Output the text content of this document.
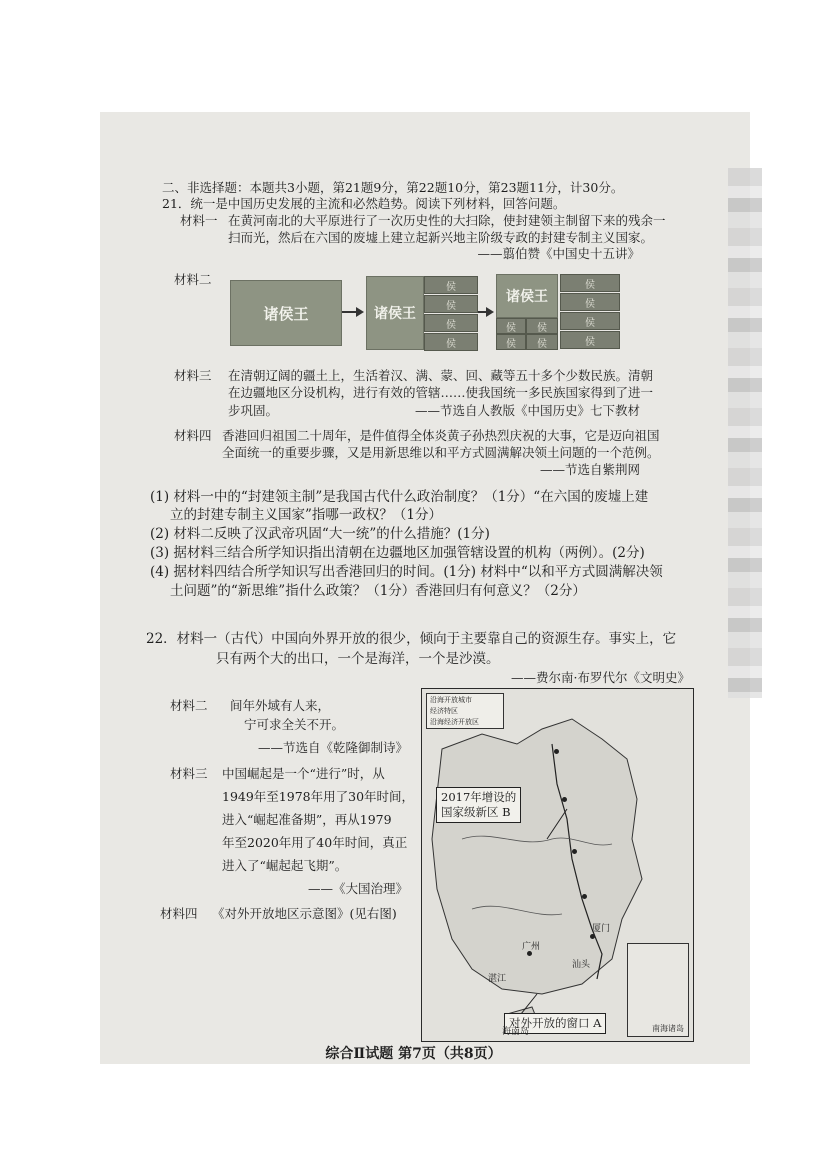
二、非选择题：本题共3小题，第21题9分，第22题10分，第23题11分，计30分。
21．统一是中国历史发展的主流和必然趋势。阅读下列材料，回答问题。
材料一 在黄河南北的大平原进行了一次历史性的大扫除，使封建领主制留下来的残余一
扫而光，然后在六国的废墟上建立起新兴地主阶级专政的封建专制主义国家。
——翦伯赞《中国史十五讲》
材料二
诸侯王	诸侯王
侯
侯
侯
侯
诸侯王
侯	侯
侯	侯
侯
侯
侯
侯
材料三 在清朝辽阔的疆土上，生活着汉、满、蒙、回、藏等五十多个少数民族。清朝
在边疆地区分设机构，进行有效的管辖……使我国统一多民族国家得到了进一
步巩固。	——节选自人教版《中国历史》七下教材
材料四 香港回归祖国二十周年，是件值得全体炎黄子孙热烈庆祝的大事，它是迈向祖国
全面统一的重要步骤，又是用新思维以和平方式圆满解决领土问题的一个范例。
——节选自紫荆网
(1) 材料一中的“封建领主制”是我国古代什么政治制度？（1分）“在六国的废墟上建
立的封建专制主义国家”指哪一政权？（1分）
(2) 材料二反映了汉武帝巩固“大一统”的什么措施？(1分)
(3) 据材料三结合所学知识指出清朝在边疆地区加强管辖设置的机构（两例）。(2分)
(4) 据材料四结合所学知识写出香港回归的时间。(1分) 材料中“以和平方式圆满解决领
土问题”的“新思维”指什么政策？（1分）香港回归有何意义？（2分）
22．材料一（古代）中国向外界开放的很少，倾向于主要靠自己的资源生存。事实上，它
只有两个大的出口，一个是海洋，一个是沙漠。
——费尔南·布罗代尔《文明史》
材料二 间年外域有人来，
宁可求全关不开。
——节选自《乾隆御制诗》
材料三 中国崛起是一个“进行”时，从
1949年至1978年用了30年时间，
进入“崛起准备期”，再从1979
年至2020年用了40年时间，真正
进入了“崛起起飞期”。
——《大国治理》
材料四 《对外开放地区示意图》(见右图)
沿海开放城市
经济特区
沿海经济开放区
2017年增设的
国家级新区 B
对外开放的窗口 A
广州
汕头
湛江
海南岛
厦门
南海诸岛
综合Ⅱ试题 第7页（共8页）
